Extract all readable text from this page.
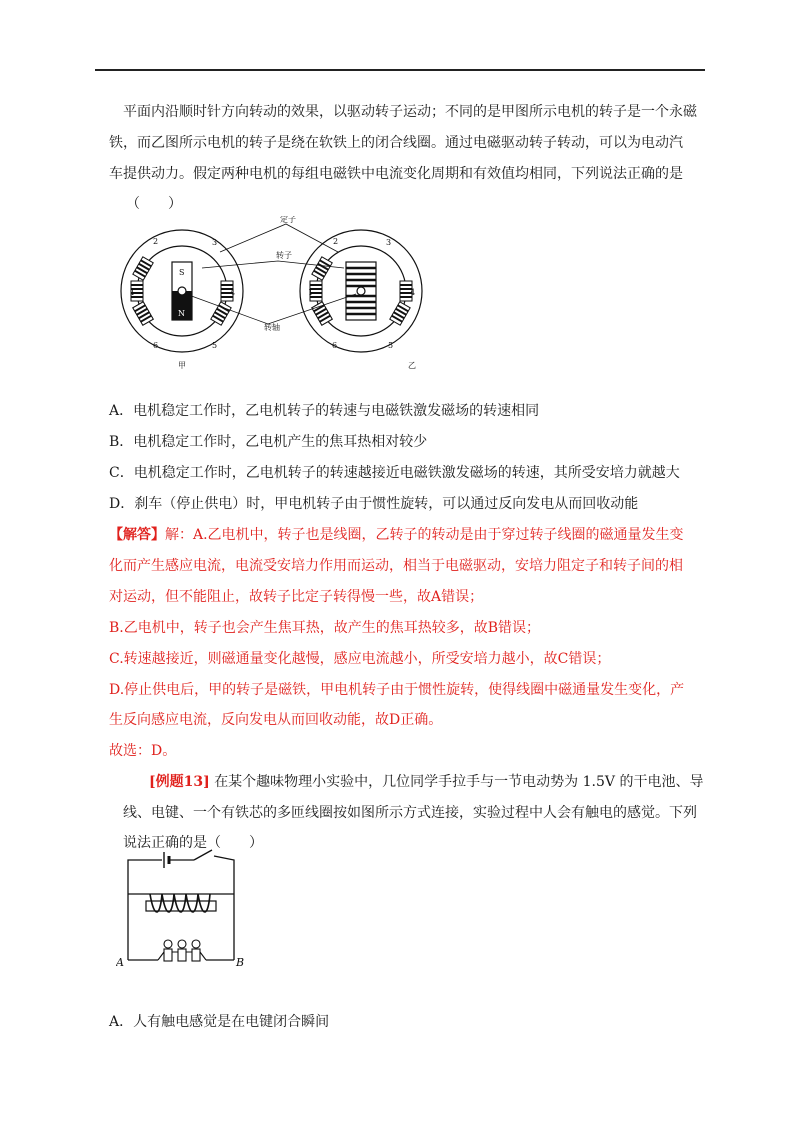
平面内沿顺时针方向转动的效果，以驱动转子运动；不同的是甲图所示电机的转子是一个永磁
铁，而乙图所示电机的转子是绕在软铁上的闭合线圈。通过电磁驱动转子转动，可以为电动汽
车提供动力。假定两种电机的每组电磁铁中电流变化周期和有效值均相同，下列说法正确的是
（　　）
S
N
2	3
1	4
6	5
2	3
1	4
6	5
定子
转子
转轴
甲	乙
A．电机稳定工作时，乙电机转子的转速与电磁铁激发磁场的转速相同
B．电机稳定工作时，乙电机产生的焦耳热相对较少
C．电机稳定工作时，乙电机转子的转速越接近电磁铁激发磁场的转速，其所受安培力就越大
D．刹车（停止供电）时，甲电机转子由于惯性旋转，可以通过反向发电从而回收动能
【解答】解：A.乙电机中，转子也是线圈，乙转子的转动是由于穿过转子线圈的磁通量发生变
化而产生感应电流，电流受安培力作用而运动，相当于电磁驱动，安培力阻定子和转子间的相
对运动，但不能阻止，故转子比定子转得慢一些，故A错误；
B.乙电机中，转子也会产生焦耳热，故产生的焦耳热较多，故B错误；
C.转速越接近，则磁通量变化越慢，感应电流越小，所受安培力越小，故C错误；
D.停止供电后，甲的转子是磁铁，甲电机转子由于惯性旋转，使得线圈中磁通量发生变化，产
生反向感应电流，反向发电从而回收动能，故D正确。
故选：D。
[例题13] 在某个趣味物理小实验中，几位同学手拉手与一节电动势为 1.5V 的干电池、导
线、电键、一个有铁芯的多匝线圈按如图所示方式连接，实验过程中人会有触电的感觉。下列
说法正确的是（　　）
A	B
A．人有触电感觉是在电键闭合瞬间
